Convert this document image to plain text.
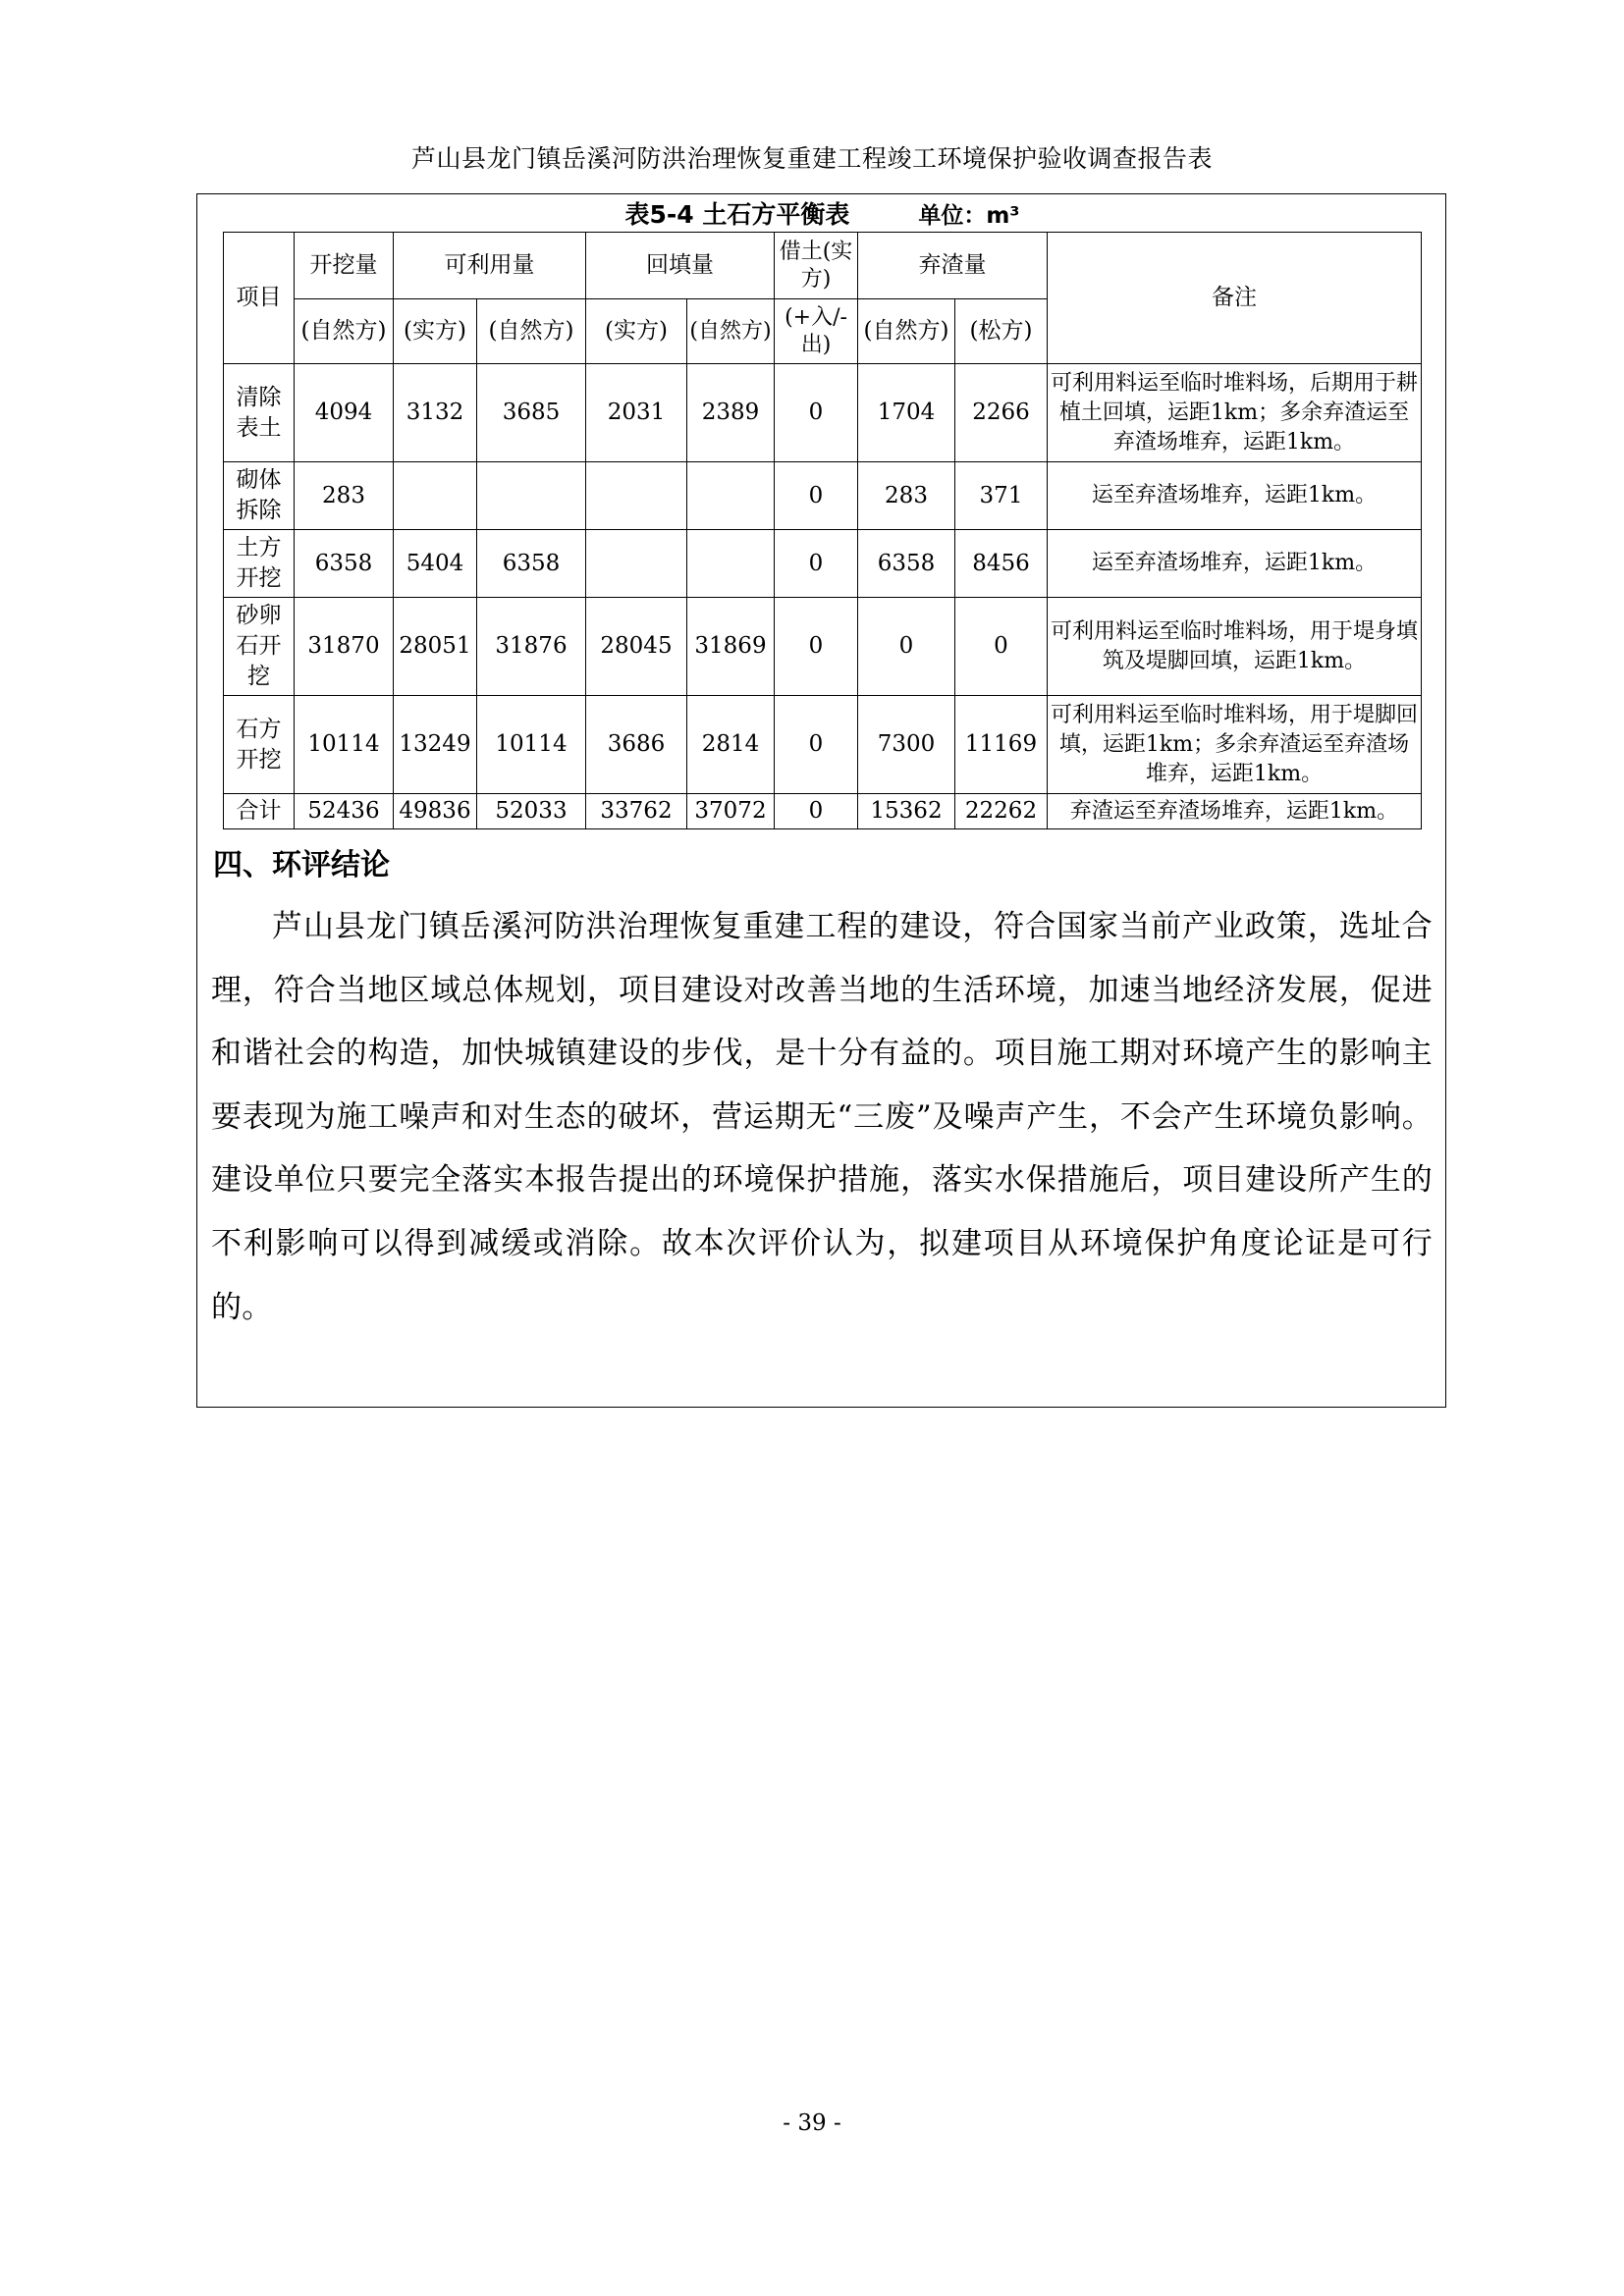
芦山县龙门镇岳溪河防洪治理恢复重建工程竣工环境保护验收调查报告表
表5-4 土石方平衡表	单位：m³
项目	开挖量	可利用量		回填量		借土(实方)	弃渣量		备注
	(自然方)	(实方)	(自然方)	(实方)	(自然方)	(+入/-出)	(自然方)	(松方)	
清除表土	4094	3132	3685	2031	2389	0	1704	2266	可利用料运至临时堆料场，后期用于耕植土回填，运距1km；多余弃渣运至弃渣场堆弃，运距1km。
砌体拆除	283					0	283	371	运至弃渣场堆弃，运距1km。
土方开挖	6358	5404	6358			0	6358	8456	运至弃渣场堆弃，运距1km。
砂卵石开挖	31870	28051	31876	28045	31869	0	0	0	可利用料运至临时堆料场，用于堤身填筑及堤脚回填，运距1km。
石方开挖	10114	13249	10114	3686	2814	0	7300	11169	可利用料运至临时堆料场，用于堤脚回填，运距1km；多余弃渣运至弃渣场堆弃，运距1km。
合计	52436	49836	52033	33762	37072	0	15362	22262	弃渣运至弃渣场堆弃，运距1km。
四、环评结论
芦山县龙门镇岳溪河防洪治理恢复重建工程的建设，符合国家当前产业政策，选址合理，符合当地区域总体规划，项目建设对改善当地的生活环境，加速当地经济发展，促进和谐社会的构造，加快城镇建设的步伐，是十分有益的。项目施工期对环境产生的影响主要表现为施工噪声和对生态的破坏，营运期无“三废”及噪声产生，不会产生环境负影响。建设单位只要完全落实本报告提出的环境保护措施，落实水保措施后，项目建设所产生的不利影响可以得到减缓或消除。故本次评价认为，拟建项目从环境保护角度论证是可行的。
- 39 -
